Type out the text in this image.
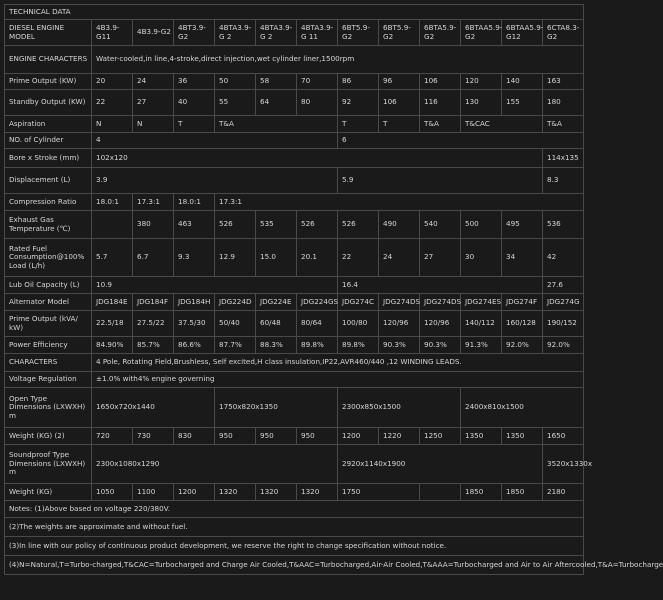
TECHNICAL DATA												
DIESEL ENGINE MODEL	4B3.9-G11	4B3.9-G2	4BT3.9-G2	4BTA3.9-G 2	4BTA3.9-G 2	4BTA3.9-G 11	6BT5.9-G2	6BT5.9-G2	6BTA5.9-G2	6BTAA5.9-G2	6BTAA5.9-G12	6CTA8.3-G2
ENGINE CHARACTERS	Water-cooled,in line,4-stroke,direct injection,wet cylinder liner,1500rpm											
Prime Output (KW)	20	24	36	50	58	70	86	96	106	120	140	163
Standby Output (KW)	22	27	40	55	64	80	92	106	116	130	155	180
Aspiration	N	N	T	T&A			T	T	T&A	T&CAC		T&A
NO. of Cylinder	4						6					
Bore x Stroke (mm)	102x120											114x135
Displacement (L)	3.9						5.9					8.3
Compression Ratio	18.0:1	17.3:1	18.0:1	17.3:1								
Exhaust Gas Temperature (℃)		380	463	526	535	526	526	490	540	500	495	536
Rated Fuel Consumption@100% Load (L/h)	5.7	6.7	9.3	12.9	15.0	20.1	22	24	27	30	34	42
Lub Oil Capacity (L)	10.9						16.4					27.6
Alternator Model	JDG184E	JDG184F	JDG184H	JDG224D	JDG224E	JDG224GS	JDG274C	JDG274DS	JDG274DS	JDG274ES	JDG274F	JDG274G
Prime Output (kVA/ kW)	22.5/18	27.5/22	37.5/30	50/40	60/48	80/64	100/80	120/96	120/96	140/112	160/128	190/152
Power Efficiency	84.90%	85.7%	86.6%	87.7%	88.3%	89.8%	89.8%	90.3%	90.3%	91.3%	92.0%	92.0%
CHARACTERS	4 Pole, Rotating Field,Brushless, Self excited,H class insulation,IP22,AVR460/440 ,12 WINDING LEADS.											
Voltage Regulation	±1.0% with4% engine governing											
Open Type Dimensions (LXWXH) m	1650x720x1440			1750x820x1350			2300x850x1500			2400x810x1500		
Weight (KG) (2)	720	730	830	950	950	950	1200	1220	1250	1350	1350	1650
Soundproof Type Dimensions (LXWXH) m	2300x1080x1290						2920x1140x1900					3520x1330x
Weight (KG)	1050	1100	1200	1320	1320	1320	1750			1850	1850	2180
Notes: (1)Above based on voltage 220/380V.												
(2)The weights are approximate and without fuel.												
(3)In line with our policy of continuous product development, we reserve the right to change specification without notice.												
(4)N=Natural,T=Turbo-charged,T&CAC=Turbocharged and Charge Air Cooled,T&AAC=Turbocharged,Air-Air Cooled,T&AAA=Turbocharged and Air to Air Aftercooled,T&A=Turbocharge												
